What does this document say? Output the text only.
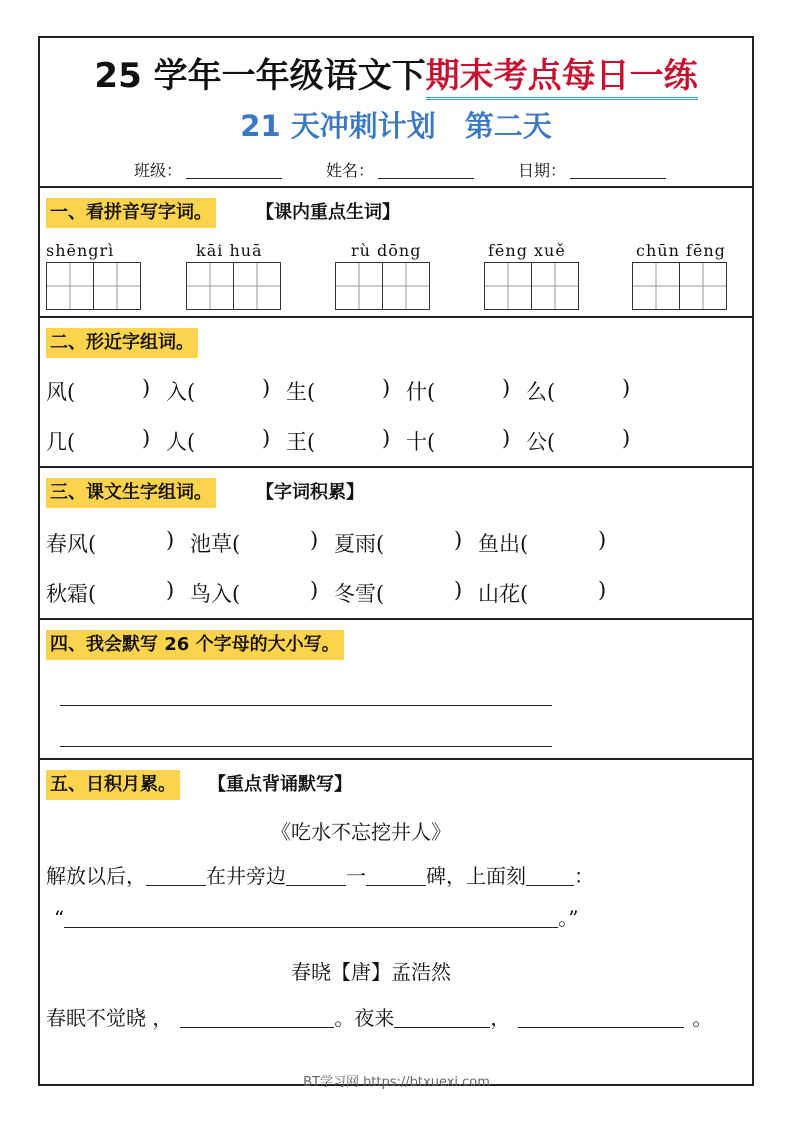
25 学年一年级语文下期末考点每日一练
21 天冲刺计划　第二天
班级：	姓名：	日期：
一、看拼音写字词。 【课内重点生词】
shēngrì	kāi huā	rù dōng	fēng xuě	chūn fēng
二、形近字组词。
风(	) 入(	) 生(	) 什(	) 么(	)
几(	) 人(	) 王(	) 十(	) 公(	)
三、课文生字组词。 【字词积累】
春风(	) 池草(	) 夏雨(	) 鱼出(	)
秋霜(	) 鸟入(	) 冬雪(	) 山花(	)
四、我会默写 26 个字母的大小写。
五、日积月累。 【重点背诵默写】
《吃水不忘挖井人》
解放以后，	在井旁边	一	碑，上面刻 ：
“	。”
春晓【唐】孟浩然
春眠不觉晓 ，	。夜来	，	。
BT学习网 https://btxuexi.com
